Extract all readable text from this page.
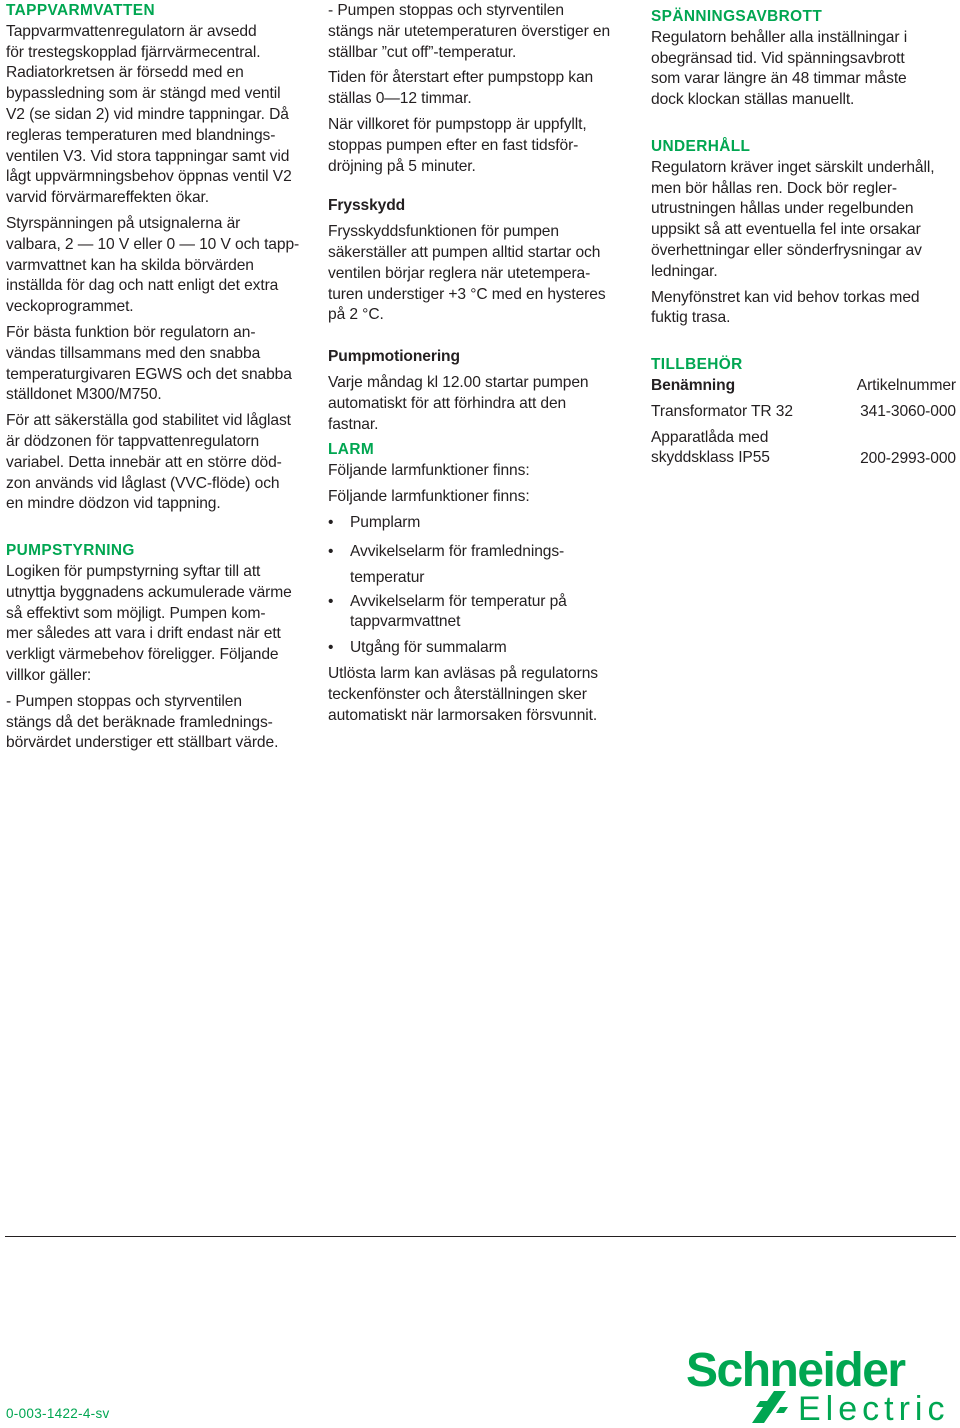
TAPPVARMVATTEN

Tappvarmvattenregulatorn är avsedd
för trestegskopplad fjärrvärmecentral.
Radiatorkretsen är försedd med en
bypassledning som är stängd med ventil
V2 (se sidan 2) vid mindre tappningar. Då
regleras temperaturen med blandnings-
ventilen V3. Vid stora tappningar samt vid
lågt uppvärmningsbehov öppnas ventil V2
varvid förvärmareffekten ökar.

Styrspänningen på utsignalerna är
valbara, 2 — 10 V eller 0 — 10 V och tapp-
varmvattnet kan ha skilda börvärden
inställda för dag och natt enligt det extra
veckoprogrammet.

För bästa funktion bör regulatorn an-
vändas tillsammans med den snabba
temperaturgivaren EGWS och det snabba
ställdonet M300/M750.

För att säkerställa god stabilitet vid låglast
är dödzonen för tappvattenregulatorn
variabel. Detta innebär att en större död-
zon används vid låglast (VVC-flöde) och
en mindre dödzon vid tappning.

PUMPSTYRNING

Logiken för pumpstyrning syftar till att
utnyttja byggnadens ackumulerade värme
så effektivt som möjligt. Pumpen kom-
mer således att vara i drift endast när ett
verkligt värmebehov föreligger. Följande
villkor gäller:

- Pumpen stoppas och styrventilen
stängs då det beräknade framlednings-
börvärdet understiger ett ställbart värde.

- Pumpen stoppas och styrventilen
stängs när utetemperaturen överstiger en
ställbar ”cut off”-temperatur.

Tiden för återstart efter pumpstopp kan
ställas 0—12 timmar.

När villkoret för pumpstopp är uppfyllt,
stoppas pumpen efter en fast tidsför-
dröjning på 5 minuter.

Frysskydd

Frysskyddsfunktionen för pumpen
säkerställer att pumpen alltid startar och
ventilen börjar reglera när utetempera-
turen understiger +3 °C med en hysteres
på 2 °C.

Pumpmotionering

Varje måndag kl 12.00 startar pumpen
automatiskt för att förhindra att den
fastnar.

LARM

Följande larmfunktioner finns:

Följande larmfunktioner finns:

• Pumplarm
• Avvikelselarm för framlednings-
temperatur
• Avvikelselarm för temperatur på
tappvarmvattnet
• Utgång för summalarm

Utlösta larm kan avläsas på regulatorns
teckenfönster och återställningen sker
automatiskt när larmorsaken försvunnit.

SPÄNNINGSAVBROTT

Regulatorn behåller alla inställningar i
obegränsad tid. Vid spänningsavbrott
som varar längre än 48 timmar måste
dock klockan ställas manuellt.

UNDERHÅLL

Regulatorn kräver inget särskilt underhåll,
men bör hållas ren. Dock bör regler-
utrustningen hållas under regelbunden
uppsikt så att eventuella fel inte orsakar
överhettningar eller sönderfrysningar av
ledningar.

Menyfönstret kan vid behov torkas med
fuktig trasa.

TILLBEHÖR
Benämning	Artikelnummer
Transformator TR 32	341-3060-000
Apparatlåda med
skyddsklass IP55	200-2993-000
0-003-1422-4-sv
Schneider
Electric
